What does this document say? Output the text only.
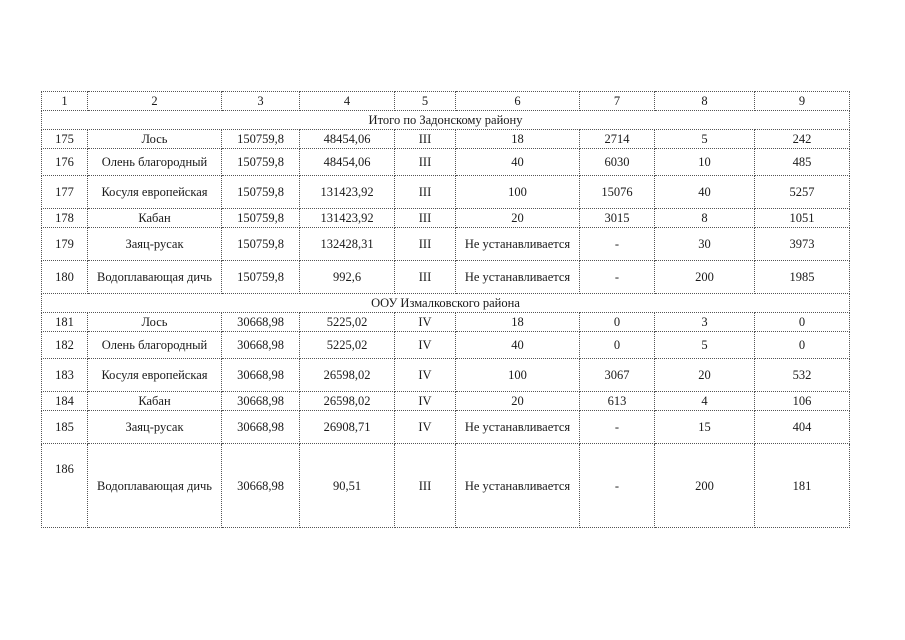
1	2	3	4	5	6	7	8	9
Итого по Задонскому району								
175	Лось	150759,8	48454,06	III	18	2714	5	242
176	Олень благородный	150759,8	48454,06	III	40	6030	10	485
177	Косуля европейская	150759,8	131423,92	III	100	15076	40	5257
178	Кабан	150759,8	131423,92	III	20	3015	8	1051
179	Заяц-русак	150759,8	132428,31	III	Не устанавливается	-	30	3973
180	Водоплавающая дичь	150759,8	992,6	III	Не устанавливается	-	200	1985
ООУ Измалковского района								
181	Лось	30668,98	5225,02	IV	18	0	3	0
182	Олень благородный	30668,98	5225,02	IV	40	0	5	0
183	Косуля европейская	30668,98	26598,02	IV	100	3067	20	532
184	Кабан	30668,98	26598,02	IV	20	613	4	106
185	Заяц-русак	30668,98	26908,71	IV	Не устанавливается	-	15	404
186	Водоплавающая дичь	30668,98	90,51	III	Не устанавливается	-	200	181
